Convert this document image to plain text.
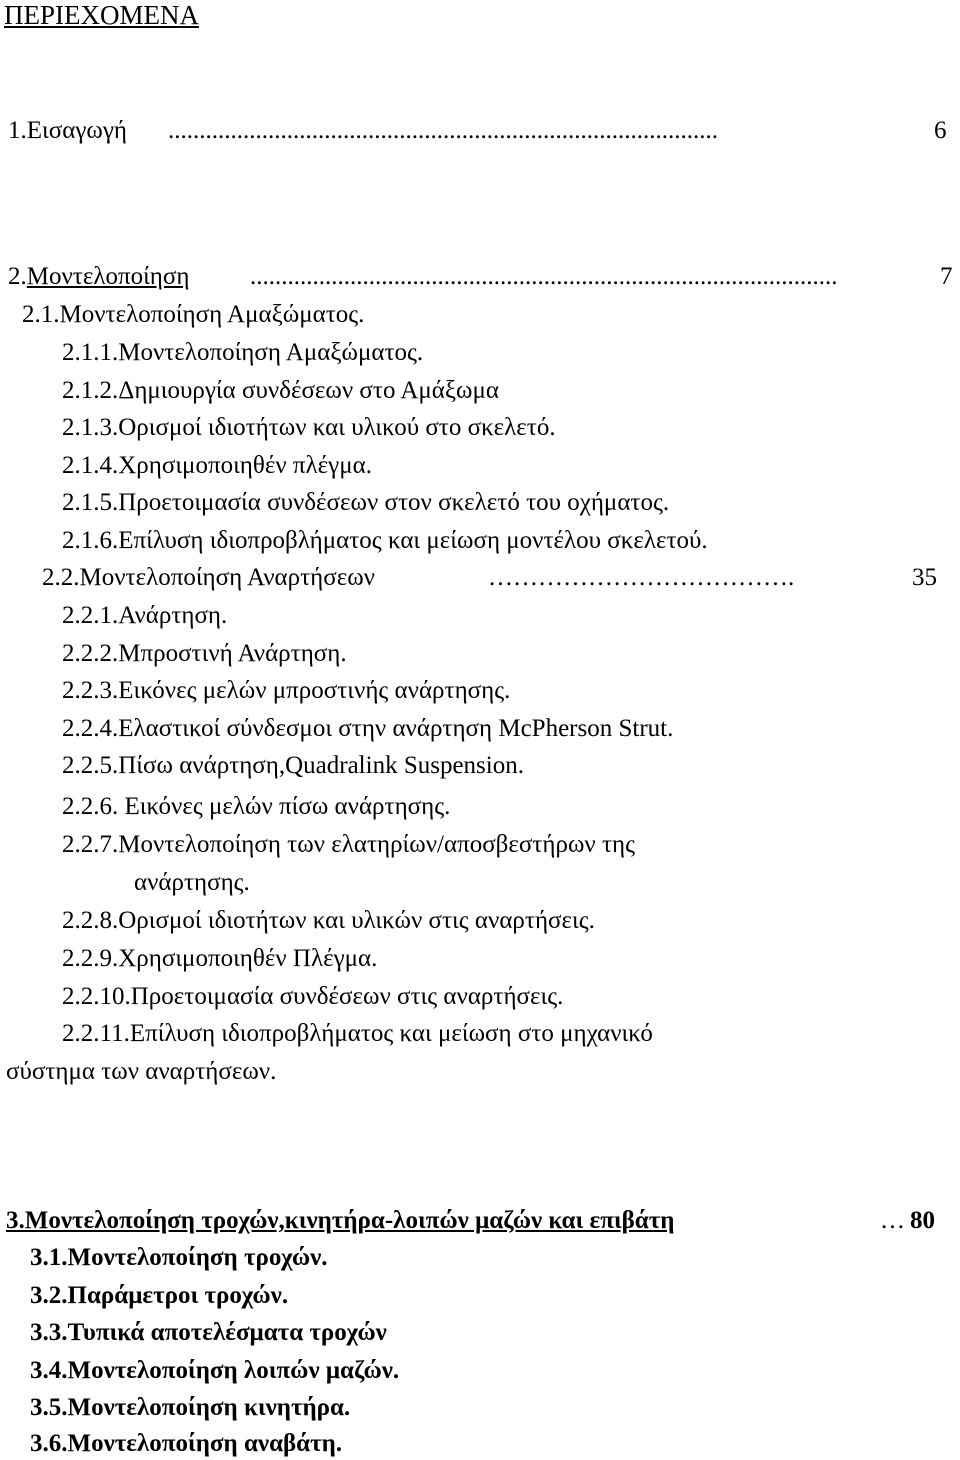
ΠΕΡΙΕΧΟΜΕΝΑ
1.Εισαγωγή	........................................................................................	6
2.Μοντελοποίηση ..............................................................................................	7
2.1.Μοντελοποίηση Αμαξώματος.
2.1.1.Μοντελοποίηση Αμαξώματος.
2.1.2.Δημιουργία συνδέσεων στο Αμάξωμα
2.1.3.Ορισμοί ιδιοτήτων και υλικού στο σκελετό.
2.1.4.Χρησιμοποιηθέν πλέγμα.
2.1.5.Προετοιμασία συνδέσεων στον σκελετό του οχήματος.
2.1.6.Επίλυση ιδιοπροβλήματος και μείωση μοντέλου σκελετού.
2.2.Μοντελοποίηση Αναρτήσεων	……………………………….	35
2.2.1.Ανάρτηση.
2.2.2.Μπροστινή Ανάρτηση.
2.2.3.Εικόνες μελών μπροστινής ανάρτησης.
2.2.4.Ελαστικοί σύνδεσμοι στην ανάρτηση McPherson Strut.
2.2.5.Πίσω ανάρτηση,Quadralink Suspension.
2.2.6. Εικόνες μελών πίσω ανάρτησης.
2.2.7.Μοντελοποίηση των ελατηρίων/αποσβεστήρων της
ανάρτησης.
2.2.8.Ορισμοί ιδιοτήτων και υλικών στις αναρτήσεις.
2.2.9.Χρησιμοποιηθέν Πλέγμα.
2.2.10.Προετοιμασία συνδέσεων στις αναρτήσεις.
2.2.11.Επίλυση ιδιοπροβλήματος και μείωση στο μηχανικό
σύστημα των αναρτήσεων.
3.Μοντελοποίηση τροχών,κινητήρα-λοιπών μαζών και επιβάτη	… 80
3.1.Μοντελοποίηση τροχών.
3.2.Παράμετροι τροχών.
3.3.Τυπικά αποτελέσματα τροχών
3.4.Μοντελοποίηση λοιπών μαζών.
3.5.Μοντελοποίηση κινητήρα.
3.6.Μοντελοποίηση αναβάτη.
